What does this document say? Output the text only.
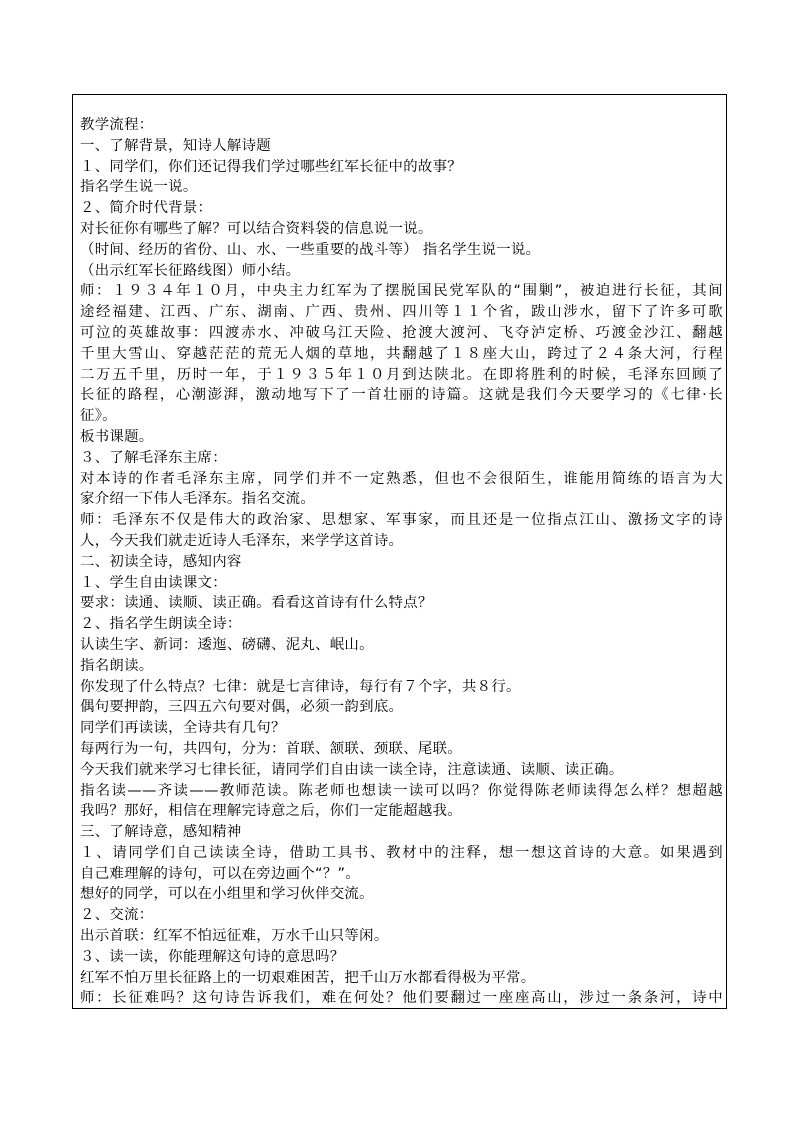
教学流程：
一、了解背景，知诗人解诗题
１、同学们，你们还记得我们学过哪些红军长征中的故事？
指名学生说一说。
２、简介时代背景：
对长征你有哪些了解？可以结合资料袋的信息说一说。
（时间、经历的省份、山、水、一些重要的战斗等） 指名学生说一说。
（出示红军长征路线图）师小结。
师：１９３４年１０月，中央主力红军为了摆脱国民党军队的“围剿”，被迫进行长征，其间
途经福建、江西、广东、湖南、广西、贵州、四川等１１个省，跋山涉水，留下了许多可歌
可泣的英雄故事：四渡赤水、冲破乌江天险、抢渡大渡河、飞夺泸定桥、巧渡金沙江、翻越
千里大雪山、穿越茫茫的荒无人烟的草地，共翻越了１８座大山，跨过了２４条大河，行程
二万五千里，历时一年，于１９３５年１０月到达陕北。在即将胜利的时候，毛泽东回顾了
长征的路程，心潮澎湃，激动地写下了一首壮丽的诗篇。这就是我们今天要学习的《七律·长
征》。
板书课题。
３、了解毛泽东主席：
对本诗的作者毛泽东主席，同学们并不一定熟悉，但也不会很陌生，谁能用简练的语言为大
家介绍一下伟人毛泽东。指名交流。
师：毛泽东不仅是伟大的政治家、思想家、军事家，而且还是一位指点江山、激扬文字的诗
人，今天我们就走近诗人毛泽东，来学学这首诗。
二、初读全诗，感知内容
１、学生自由读课文：
要求：读通、读顺、读正确。看看这首诗有什么特点？
２、指名学生朗读全诗：
认读生字、新词：逶迤、磅礴、泥丸、岷山。
指名朗读。
你发现了什么特点？七律：就是七言律诗，每行有７个字，共８行。
偶句要押韵，三四五六句要对偶，必须一韵到底。
同学们再读读，全诗共有几句？
每两行为一句，共四句，分为：首联、颔联、颈联、尾联。
今天我们就来学习七律长征，请同学们自由读一读全诗，注意读通、读顺、读正确。
指名读——齐读——教师范读。陈老师也想读一读可以吗？你觉得陈老师读得怎么样？想超越
我吗？那好，相信在理解完诗意之后，你们一定能超越我。
三、了解诗意，感知精神
１、请同学们自己读读全诗，借助工具书、教材中的注释，想一想这首诗的大意。如果遇到
自己难理解的诗句，可以在旁边画个“？”。
想好的同学，可以在小组里和学习伙伴交流。
２、交流：
出示首联：红军不怕远征难，万水千山只等闲。
３、读一读，你能理解这句诗的意思吗？
红军不怕万里长征路上的一切艰难困苦，把千山万水都看得极为平常。
师：长征难吗？这句诗告诉我们，难在何处？他们要翻过一座座高山，涉过一条条河，诗中
